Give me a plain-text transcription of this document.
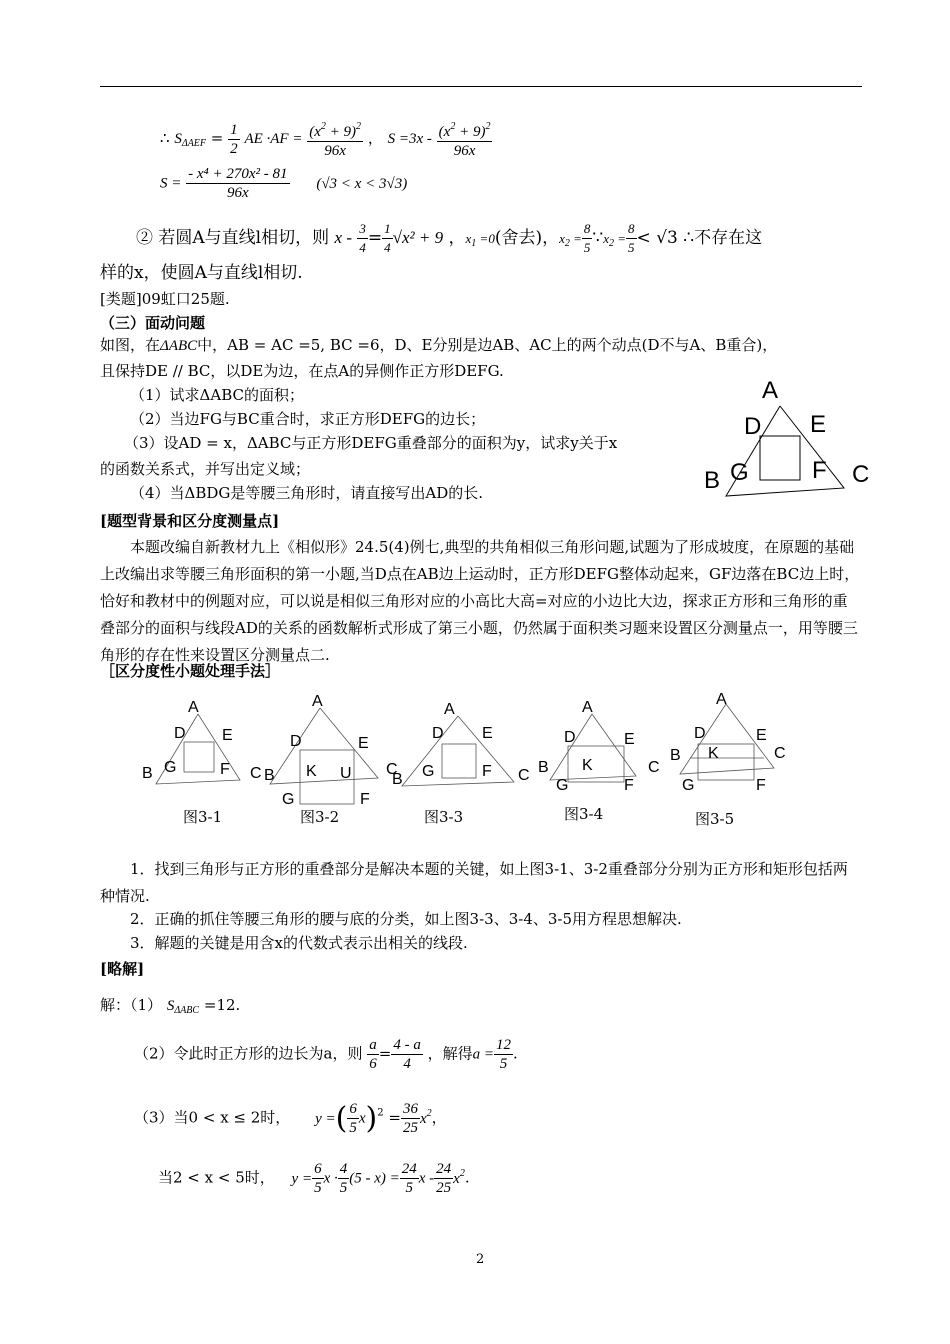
∴ $S_{\Delta AEF} = \frac{1}{2}$ AE $\cdot AF = \frac{(x^2 + 9)^2}{96x}$ ， $S =3x - \frac{(x^2 + 9)^2}{96x}$
$S = \frac{\text{- x⁴ + 270x² - 81}}{96x} (√3 < x < 3√3)$
② 若圆A与直线l相切，则 $x - \frac{3}{4} = \frac{1}{4} √x^2 + 9$ ，$x_1 =0$(舍去)，$x_2 = \frac{8}{5}$ $\because x_2 = \frac{8}{5} < √3$ ∴不存在这
样的x，使圆A与直线l相切.
[类题]09虹口25题.
（三）面动问题
如图，在ΔABC中，AB = AC =5, BC =6，D、E分别是边AB、AC上的两个动点(D不与A、B重合)，
且保持DE // BC，以DE为边，在点A的异侧作正方形DEFG.
（1）试求ΔABC的面积；
（2）当边FG与BC重合时，求正方形DEFG的边长；
（3）设AD = x，ΔABC与正方形DEFG重叠部分的面积为y，试求y关于x
的函数关系式，并写出定义域；
（4）当ΔBDG是等腰三角形时，请直接写出AD的长.
A
D E
B G	F C
[题型背景和区分度测量点]
本题改编自新教材九上《相似形》24.5(4)例七,典型的共角相似三角形问题,试题为了形成坡度，在原题的基础上改编出求等腰三角形面积的第一小题,当D点在AB边上运动时，正方形DEFG整体动起来，GF边落在BC边上时，恰好和教材中的例题对应，可以说是相似三角形对应的小高比大高=对应的小边比大边，探求正方形和三角形的重叠部分的面积与线段AD的关系的函数解析式形成了第三小题，仍然属于面积类习题来设置区分测量点一，用等腰三角形的存在性来设置区分测量点二.
［区分度性小题处理手法］
A
D E
B G	F
A
D	E
C B K U
G	F
C
A
D E
B G	F C
A
D	E
B K
G	F
C
A
D	E
B K	C
G	F
图3-1	图3-2	图3-3	图3-4	图3-5
1．找到三角形与正方形的重叠部分是解决本题的关键，如上图3-1、3-2重叠部分分别为正方形和矩形包括两种情况.
2．正确的抓住等腰三角形的腰与底的分类，如上图3-3、3-4、3-5用方程思想解决.
3．解题的关键是用含x的代数式表示出相关的线段.
[略解]
解：（1） $S_{\Delta ABC} =12$.
（2）令此时正方形的边长为a，则 $\frac{a}{6} = \frac{4 - a}{4}$ ，解得$a = \frac{12}{5}$ .
（3）当0 < x ≤ 2时， y =( $\frac{6}{5} x)^2 = \frac{36}{25} x^2$，
当2 < x < 5时， $y = \frac{6}{5}$ $x \cdot \frac{4}{5} (5 - x) = \frac{24}{5}$ x - $\frac{24}{25} x^2$.
2
